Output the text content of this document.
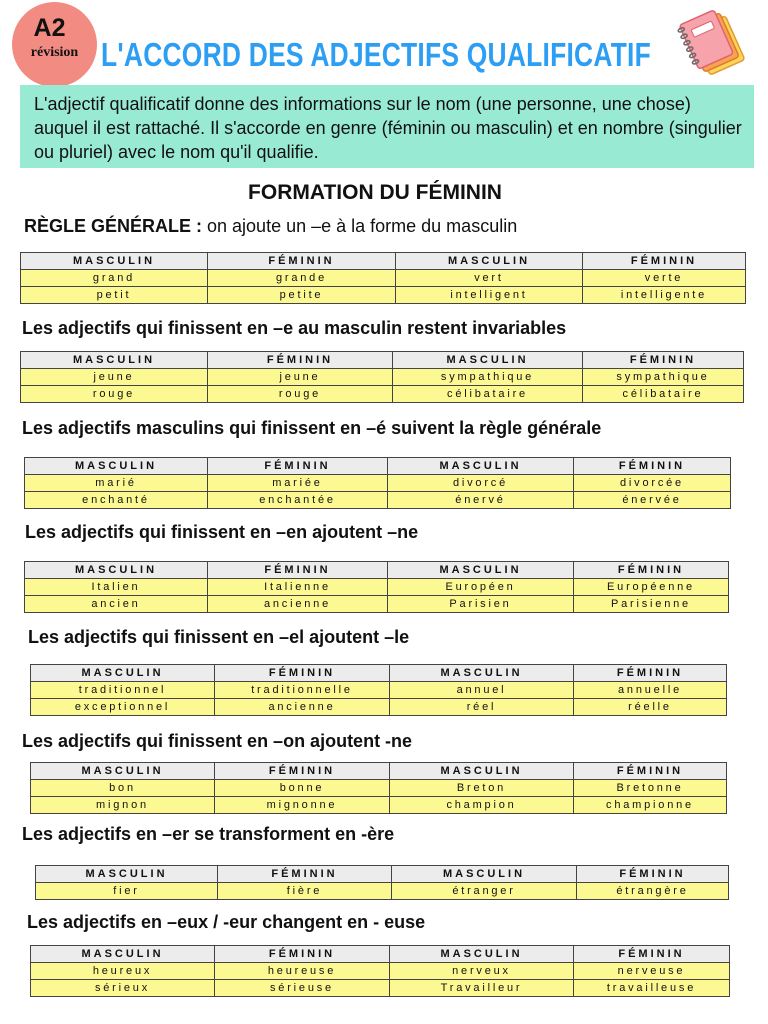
A2
révision L'ACCORD DES ADJECTIFS QUALIFICATIF
L'adjectif qualificatif donne des informations sur le nom (une personne, une chose) auquel il est rattaché. Il s'accorde en genre (féminin ou masculin) et en nombre (singulier ou pluriel) avec le nom qu'il qualifie.
FORMATION DU FÉMININ
RÈGLE GÉNÉRALE : on ajoute un –e à la forme du masculin
MASCULIN	FÉMININ	MASCULIN	FÉMININ
grand	grande	vert	verte
petit	petite	intelligent	intelligente
Les adjectifs qui finissent en –e au masculin restent invariables
MASCULIN	FÉMININ	MASCULIN	FÉMININ
jeune	jeune	sympathique	sympathique
rouge	rouge	célibataire	célibataire
Les adjectifs masculins qui finissent en –é suivent la règle générale
MASCULIN	FÉMININ	MASCULIN	FÉMININ
marié	mariée	divorcé	divorcée
enchanté	enchantée	énervé	énervée
Les adjectifs qui finissent en –en ajoutent –ne
MASCULIN	FÉMININ	MASCULIN	FÉMININ
Italien	Italienne	Européen	Européenne
ancien	ancienne	Parisien	Parisienne
Les adjectifs qui finissent en –el ajoutent –le
MASCULIN	FÉMININ	MASCULIN	FÉMININ
traditionnel	traditionnelle	annuel	annuelle
exceptionnel	ancienne	réel	réelle
Les adjectifs qui finissent en –on ajoutent -ne
MASCULIN	FÉMININ	MASCULIN	FÉMININ
bon	bonne	Breton	Bretonne
mignon	mignonne	champion	championne
Les adjectifs en –er se transforment en -ère
MASCULIN	FÉMININ	MASCULIN	FÉMININ
fier	fière	étranger	étrangère
Les adjectifs en –eux / -eur changent en - euse
MASCULIN	FÉMININ	MASCULIN	FÉMININ
heureux	heureuse	nerveux	nerveuse
sérieux	sérieuse	Travailleur	travailleuse
